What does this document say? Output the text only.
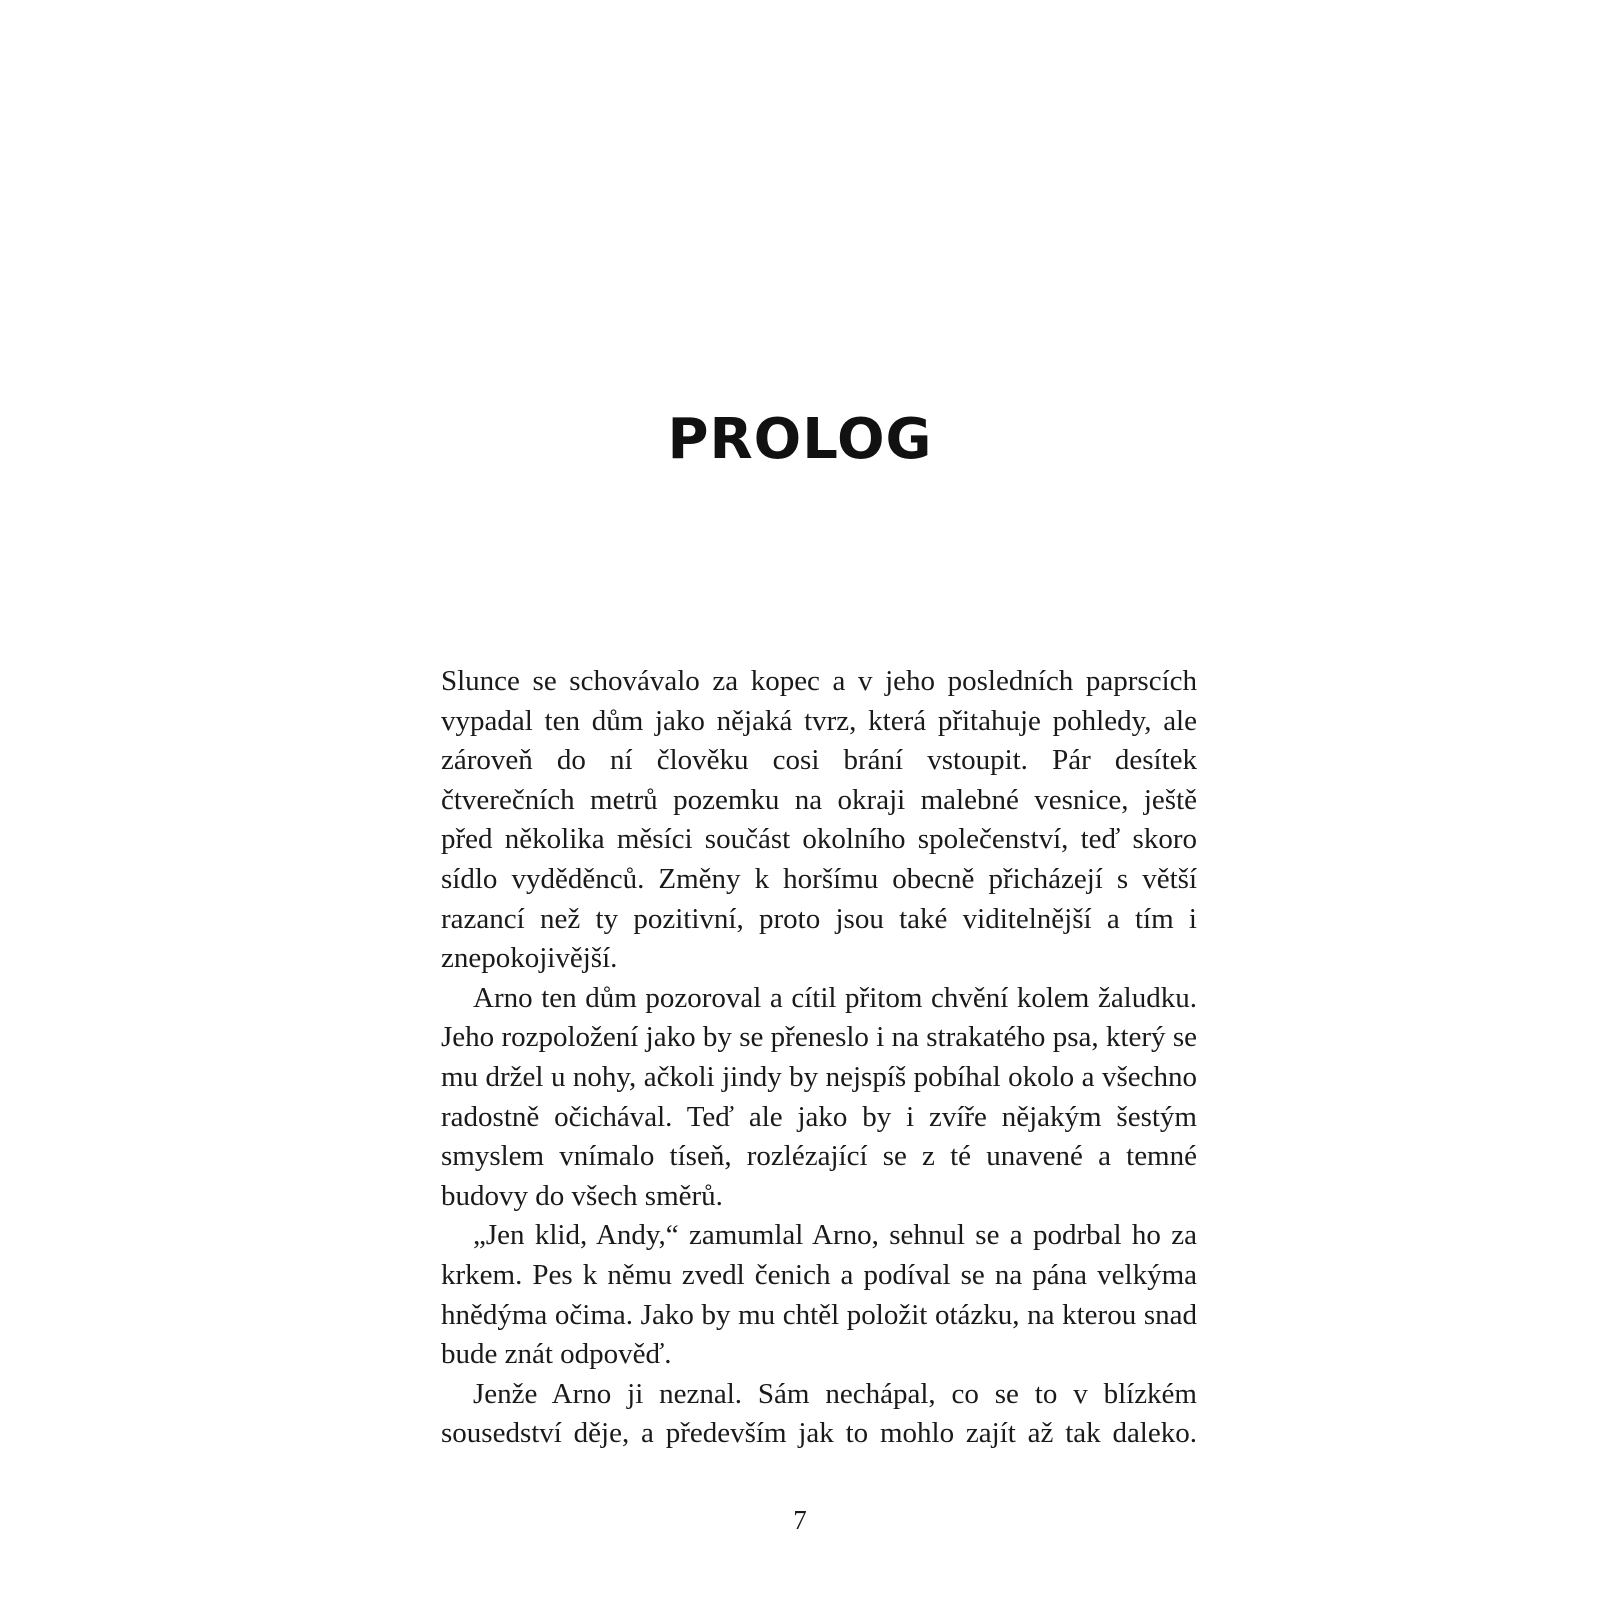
PROLOG

Slunce se schovávalo za kopec a v jeho posledních paprscích vypadal ten dům jako nějaká tvrz, která přitahuje pohledy, ale zároveň do ní člověku cosi brání vstoupit. Pár desítek čtverečních metrů pozemku na okraji malebné vesnice, ještě před několika měsíci součást okolního společenství, teď skoro sídlo vyděděnců. Změny k horšímu obecně přicházejí s větší razancí než ty pozitivní, proto jsou také viditelnější a tím i znepokojivější.

Arno ten dům pozoroval a cítil přitom chvění kolem žaludku. Jeho rozpoložení jako by se přeneslo i na strakatého psa, který se mu držel u nohy, ačkoli jindy by nejspíš pobíhal okolo a všechno radostně očichával. Teď ale jako by i zvíře nějakým šestým smyslem vnímalo tíseň, rozlézající se z té unavené a temné budovy do všech směrů.

„Jen klid, Andy,“ zamumlal Arno, sehnul se a podrbal ho za krkem. Pes k němu zvedl čenich a podíval se na pána velkýma hnědýma očima. Jako by mu chtěl položit otázku, na kterou snad bude znát odpověď.

Jenže Arno ji neznal. Sám nechápal, co se to v blízkém sousedství děje, a především jak to mohlo zajít až tak daleko.

7
